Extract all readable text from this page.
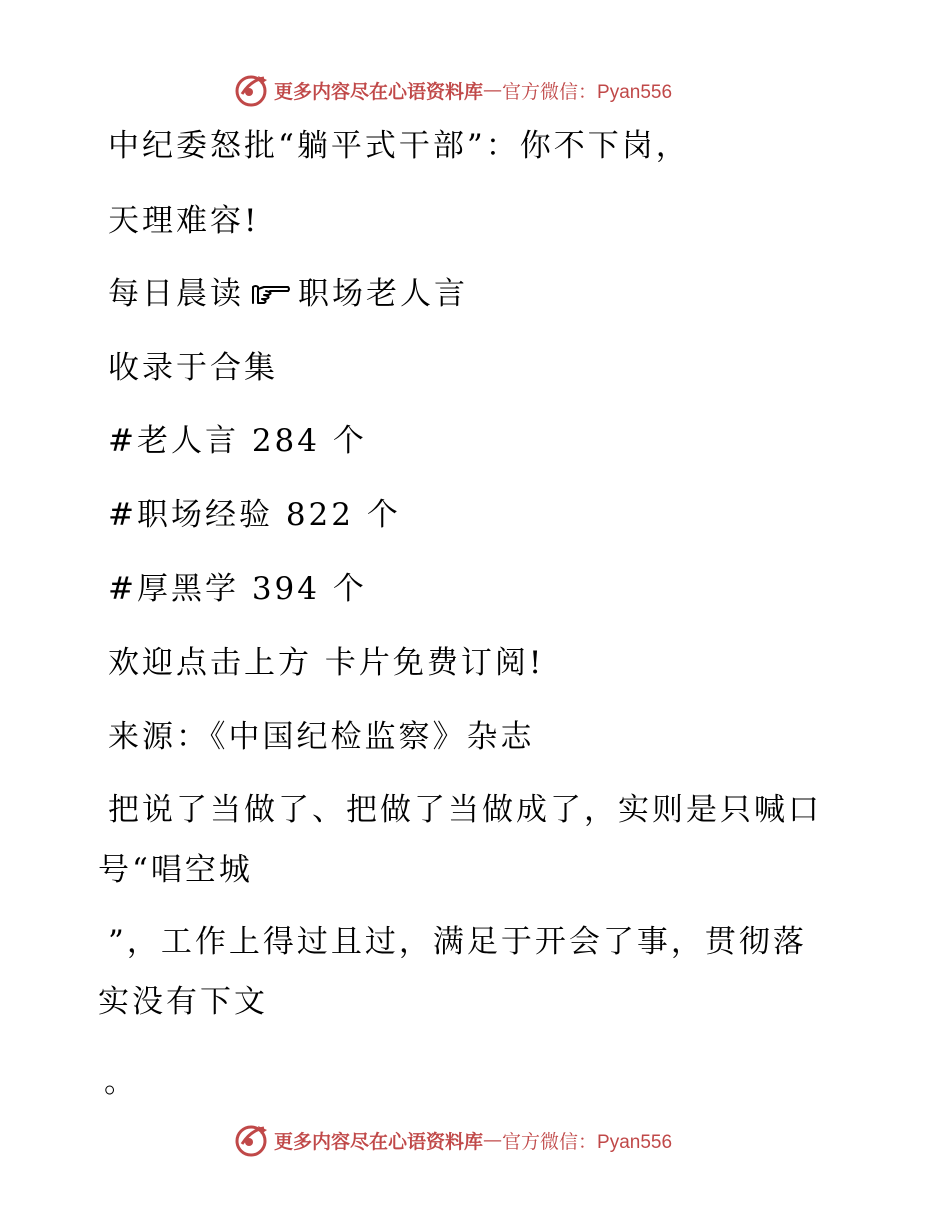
更多内容尽在心语资料库 — 官方微信：Pyan556
中纪委怒批“躺平式干部”：你不下岗，
天理难容!
每日晨读 职场老人言
收录于合集
#老人言 284 个
#职场经验 822 个
#厚黑学 394 个
欢迎点击上方 卡片免费订阅!
来源：《中国纪检监察》杂志
把说了当做了、把做了当做成了，实则是只喊口
号“唱空城
”，工作上得过且过，满足于开会了事，贯彻落
实没有下文
。
更多内容尽在心语资料库 — 官方微信：Pyan556
